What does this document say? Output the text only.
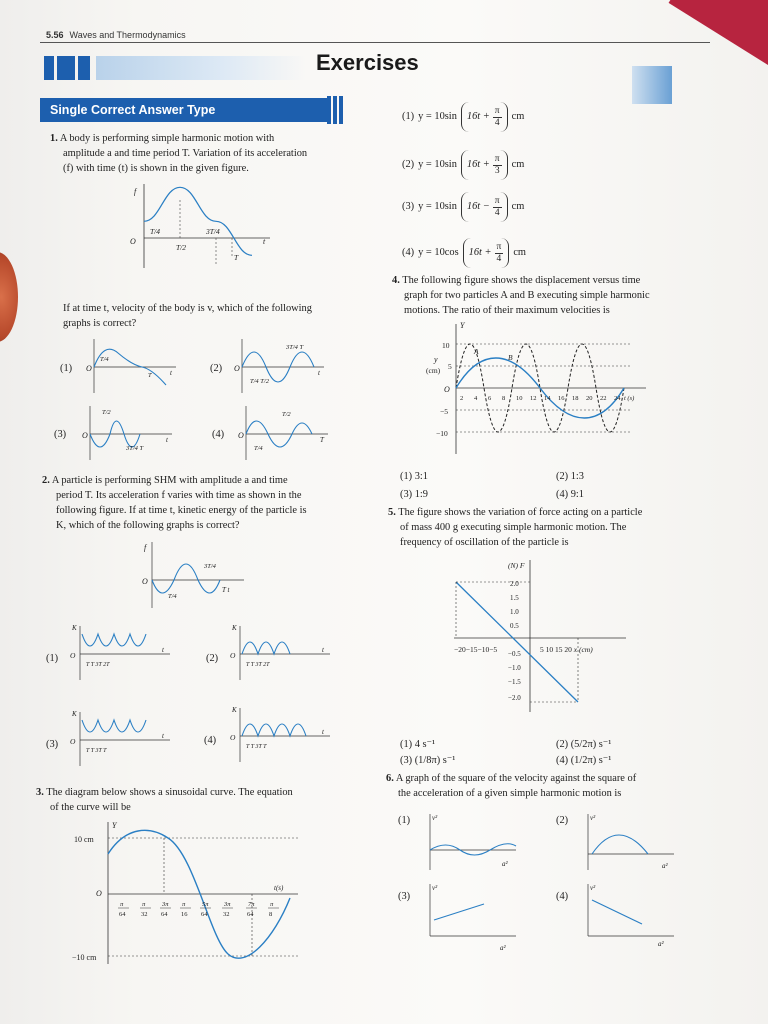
5.56 Waves and Thermodynamics
Exercises
Single Correct Answer Type
1. A body is performing simple harmonic motion with
amplitude a and time period T. Variation of its acceleration
(f) with time (t) is shown in the given figure.
f
O	t
T/4
T/2
3T/4
T
If at time t, velocity of the body is v, which of the following
graphs is correct?
(1) O	t
T/4
T
(2) O	t
3T/4 T
T/4 T/2
(3) O	t
T/2
3T/4 T
(4) O	T
T/2
T/4
2. A particle is performing SHM with amplitude a and time
period T. Its acceleration f varies with time as shown in the
following figure. If at time t, kinetic energy of the particle is
K, which of the following graphs is correct?
f
O
3T/4
T/4
T t
(1)
K
O
t
T T 3T 2T
(2)
K
O
t
T T 3T 2T
(3)
K
O
t
T T 3T T
(4)
K
O
t
T T 3T T
3. The diagram below shows a sinusoidal curve. The equation
of the curve will be
Y
10 cm
−10 cm
O
t(s)
π
64
π
32
3π
64
π
16
5π
64
3π
32
7π
64
π
8
(1) y = 10sin $16t + \frac{\pi}{4}$ cm
(2) y = 10sin $16t + \frac{\pi}{3}$ cm
(3) y = 10sin $16t - \frac{\pi}{4}$ cm
(4) y = 10cos $16t + \frac{\pi}{4}$ cm
4. The following figure shows the displacement versus time
graph for two particles A and B executing simple harmonic
motions. The ratio of their maximum velocities is
Y
y
(cm)
10
5
O
−5
−10
A
B
t (s)
2 4 6 8 10 12 14 16 18 20 22 24
(1) 3:1	(2) 1:3
(3) 1:9	(4) 9:1
5. The figure shows the variation of force acting on a particle
of mass 400 g executing simple harmonic motion. The
frequency of oscillation of the particle is
(N) F
−20−15−10−5	5 10 15 20 x (cm)
2.0
1.5
1.0
0.5
−0.5
−1.0
−1.5
−2.0
(1) 4 s⁻¹	(2) (5/2π) s⁻¹
(3) (1/8π) s⁻¹	(4) (1/2π) s⁻¹
6. A graph of the square of the velocity against the square of
the acceleration of a given simple harmonic motion is
(1)	v²
a²
(2)	v²
a²
(3)
v²
a²
(4)
v²
a²
